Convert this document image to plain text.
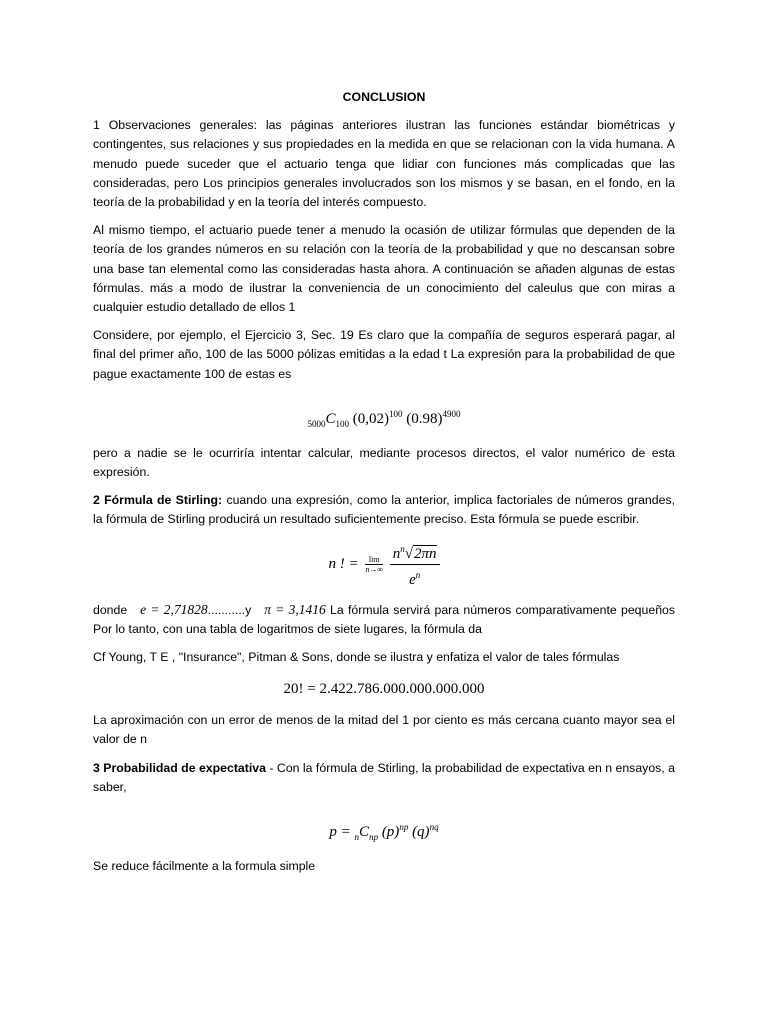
CONCLUSION

1 Observaciones generales: las páginas anteriores ilustran las funciones estándar biométricas y contingentes, sus relaciones y sus propiedades en la medida en que se relacionan con la vida humana. A menudo puede suceder que el actuario tenga que lidiar con funciones más complicadas que las consideradas, pero Los principios generales involucrados son los mismos y se basan, en el fondo, en la teoría de la probabilidad y en la teoría del interés compuesto.

Al mismo tiempo, el actuario puede tener a menudo la ocasión de utilizar fórmulas que dependen de la teoría de los grandes números en su relación con la teoría de la probabilidad y que no descansan sobre una base tan elemental como las consideradas hasta ahora. A continuación se añaden algunas de estas fórmulas. más a modo de ilustrar la conveniencia de un conocimiento del caleulus que con miras a cualquier estudio detallado de ellos 1

Considere, por ejemplo, el Ejercicio 3, Sec. 19 Es claro que la compañía de seguros esperará pagar, al final del primer año, 100 de las 5000 pólizas emitidas a la edad t La expresión para la probabilidad de que pague exactamente 100 de estas es

$_{5000}C_{100}$ $(0,02)^{100}$ $(0.98)^{4900}$

pero a nadie se le ocurriría intentar calcular, mediante procesos directos, el valor numérico de esta expresión.

2 Fórmula de Stirling: cuando una expresión, como la anterior, implica factoriales de números grandes, la fórmula de Stirling producirá un resultado suficientemente preciso. Esta fórmula se puede escribir.

n ! = $\frac{\lim}{n\to\infty} \frac{n^n√2\pi n}{e^n}$

donde e = 2,71828...........y π = 3,1416 La fórmula servirá para números comparativamente pequeños Por lo tanto, con una tabla de logaritmos de siete lugares, la fórmula da

Cf Young, T E , "Insurance", Pitman & Sons, donde se ilustra y enfatiza el valor de tales fórmulas

20! = 2.422.786.000.000.000.000

La aproximación con un error de menos de la mitad del 1 por ciento es más cercana cuanto mayor sea el valor de n

3 Probabilidad de expectativa - Con la fórmula de Stirling, la probabilidad de expectativa en n ensayos, a saber,

$p = _nC_{np}$ $(p)^{np}$ $(q)^{nq}$

Se reduce fácilmente a la formula simple
